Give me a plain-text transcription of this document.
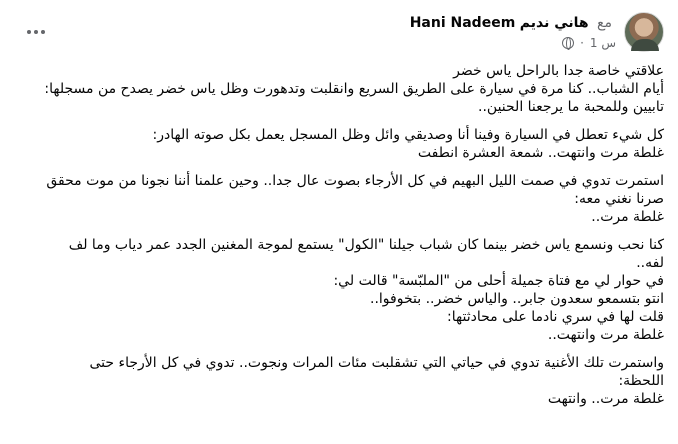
Hani Nadeem	مع هاني نديم
· 1 س

علاقتي خاصة جدا بالراحل ياس خضر

أيام الشباب.. كنا مرة في سيارة على الطريق السريع وانقلبت وتدهورت وظل ياس خضر يصدح من مسجلها:

تابيين وللمحبة ما يرجعنا الحنين..

كل شيء تعطل في السيارة وفينا أنا وصديقي وائل وظل المسجل يعمل بكل صوته الهادر:

غلطة مرت وانتهت.. شمعة العشرة انطفت

استمرت تدوي في صمت الليل البهيم في كل الأرجاء بصوت عال جدا.. وحين علمنا أننا نجونا من موت محقق

صرنا نغني معه:

غلطة مرت..

كنا نحب ونسمع ياس خضر بينما كان شباب جيلنا "الكول" يستمع لموجة المغنين الجدد عمر دياب وما لف

لفه..

في حوار لي مع فتاة جميلة أحلى من "الملبّسة" قالت لي:

انتو بتسمعو سعدون جابر.. والياس خضر.. بتخوفوا..

قلت لها في سري نادما على محادثتها:

غلطة مرت وانتهت..

واستمرت تلك الأغنية تدوي في حياتي التي تشقلبت مئات المرات ونجوت.. تدوي في كل الأرجاء حتى

اللحظة:

غلطة مرت.. وانتهت
